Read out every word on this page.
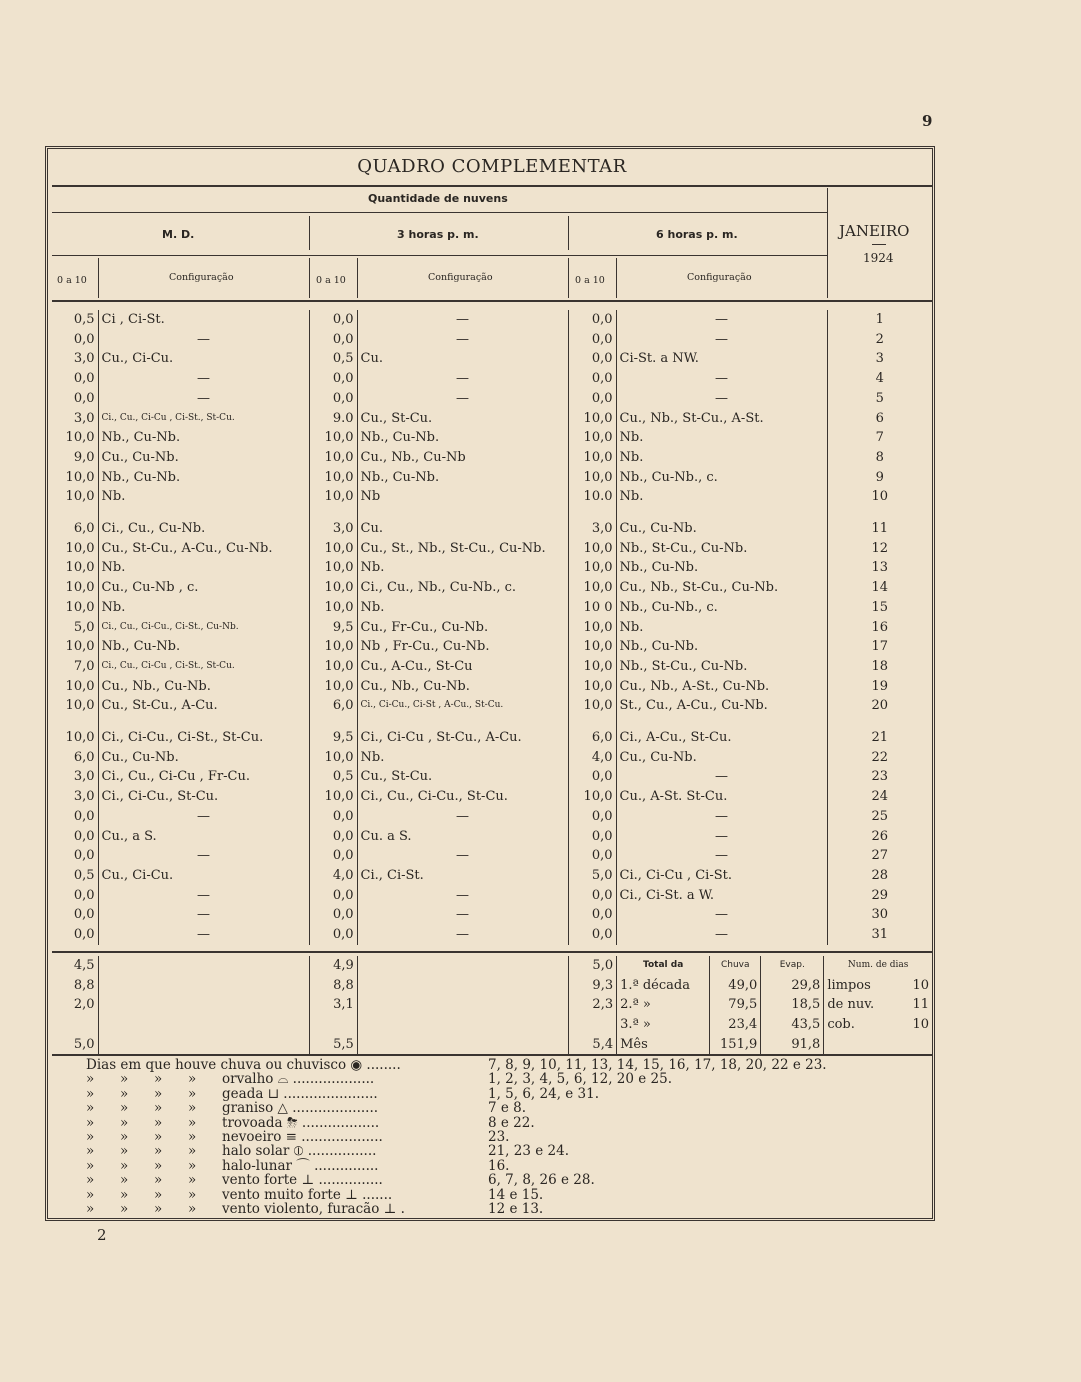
9
QUADRO COMPLEMENTAR
Quantidade de nuvens
M. D.	3 horas p. m.	6 horas p. m.	JANEIRO
1924
0 a 10	Configuração	0 a 10	Configuração	0 a 10	Configuração
0,5	Ci , Ci-St.	0,0	—	0,0	—	1
0,0	—	0,0	—	0,0	—	2
3,0	Cu., Ci-Cu.	0,5	Cu.	0,0	Ci-St. a NW.	3
0,0	—	0,0	—	0,0	—	4
0,0	—	0,0	—	0,0	—	5
3,0	Ci., Cu., Ci-Cu , Ci-St., St-Cu.	9.0	Cu., St-Cu.	10,0	Cu., Nb., St-Cu., A-St.	6
10,0	Nb., Cu-Nb.	10,0	Nb., Cu-Nb.	10,0	Nb.	7
9,0	Cu., Cu-Nb.	10,0	Cu., Nb., Cu-Nb	10,0	Nb.	8
10,0	Nb., Cu-Nb.	10,0	Nb., Cu-Nb.	10,0	Nb., Cu-Nb., c.	9
10,0	Nb.	10,0	Nb	10.0	Nb.	10

6,0	Ci., Cu., Cu-Nb.	3,0	Cu.	3,0	Cu., Cu-Nb.	11
10,0	Cu., St-Cu., A-Cu., Cu-Nb.	10,0	Cu., St., Nb., St-Cu., Cu-Nb.	10,0	Nb., St-Cu., Cu-Nb.	12
10,0	Nb.	10,0	Nb.	10,0	Nb., Cu-Nb.	13
10,0	Cu., Cu-Nb , c.	10,0	Ci., Cu., Nb., Cu-Nb., c.	10,0	Cu., Nb., St-Cu., Cu-Nb.	14
10,0	Nb.	10,0	Nb.	10 0	Nb., Cu-Nb., c.	15
5,0	Ci., Cu., Ci-Cu., Ci-St., Cu-Nb.	9,5	Cu., Fr-Cu., Cu-Nb.	10,0	Nb.	16
10,0	Nb., Cu-Nb.	10,0	Nb , Fr-Cu., Cu-Nb.	10,0	Nb., Cu-Nb.	17
7,0	Ci., Cu., Ci-Cu , Ci-St., St-Cu.	10,0	Cu., A-Cu., St-Cu	10,0	Nb., St-Cu., Cu-Nb.	18
10,0	Cu., Nb., Cu-Nb.	10,0	Cu., Nb., Cu-Nb.	10,0	Cu., Nb., A-St., Cu-Nb.	19
10,0	Cu., St-Cu., A-Cu.	6,0	Ci., Ci-Cu., Ci-St , A-Cu., St-Cu.	10,0	St., Cu., A-Cu., Cu-Nb.	20

10,0	Ci., Ci-Cu., Ci-St., St-Cu.	9,5	Ci., Ci-Cu , St-Cu., A-Cu.	6,0	Ci., A-Cu., St-Cu.	21
6,0	Cu., Cu-Nb.	10,0	Nb.	4,0	Cu., Cu-Nb.	22
3,0	Ci., Cu., Ci-Cu , Fr-Cu.	0,5	Cu., St-Cu.	0,0	—	23
3,0	Ci., Ci-Cu., St-Cu.	10,0	Ci., Cu., Ci-Cu., St-Cu.	10,0	Cu., A-St. St-Cu.	24
0,0	—	0,0	—	0,0	—	25
0,0	Cu., a S.	0,0	Cu. a S.	0,0	—	26
0,0	—	0,0	—	0,0	—	27
0,5	Cu., Ci-Cu.	4,0	Ci., Ci-St.	5,0	Ci., Ci-Cu , Ci-St.	28
0,0	—	0,0	—	0,0	Ci., Ci-St. a W.	29
0,0	—	0,0	—	0,0	—	30
0,0	—	0,0	—	0,0	—	31
4,5		4,9		5,0	Total da	Chuva	Evap.	Num. de dias
8,8		8,8		9,3	1.ª década	49,0	29,8	limpos 10

2,0		3,1		2,3	2.ª »	79,5	18,5	de nuv. 11

					3.ª »	23,4	43,5	cob. 10

5,0		5,5		5,4	Mês	151,9	91,8	
Dias em que houve chuva ou chuvisco ◉ ........	7, 8, 9, 10, 11, 13, 14, 15, 16, 17, 18, 20, 22 e 23.
»      »      »      »      orvalho ⌓ ...................	1, 2, 3, 4, 5, 6, 12, 20 e 25.
»      »      »      »      geada ⊔ ......................	1, 5, 6, 24, e 31.
»      »      »      »      graniso △ ....................	7 e 8.
»      »      »      »      trovoada ⛈ ..................	8 e 22.
»      »      »      »      nevoeiro ≡ ...................	23.
»      »      »      »      halo solar ⦶ ................	21, 23 e 24.
»      »      »      »      halo-lunar ⌒ ...............	16.
»      »      »      »      vento forte ⊥ ...............	6, 7, 8, 26 e 28.
»      »      »      »      vento muito forte ⊥ .......	14 e 15.
»      »      »      »      vento violento, furacão ⊥ .	12 e 13.
2
